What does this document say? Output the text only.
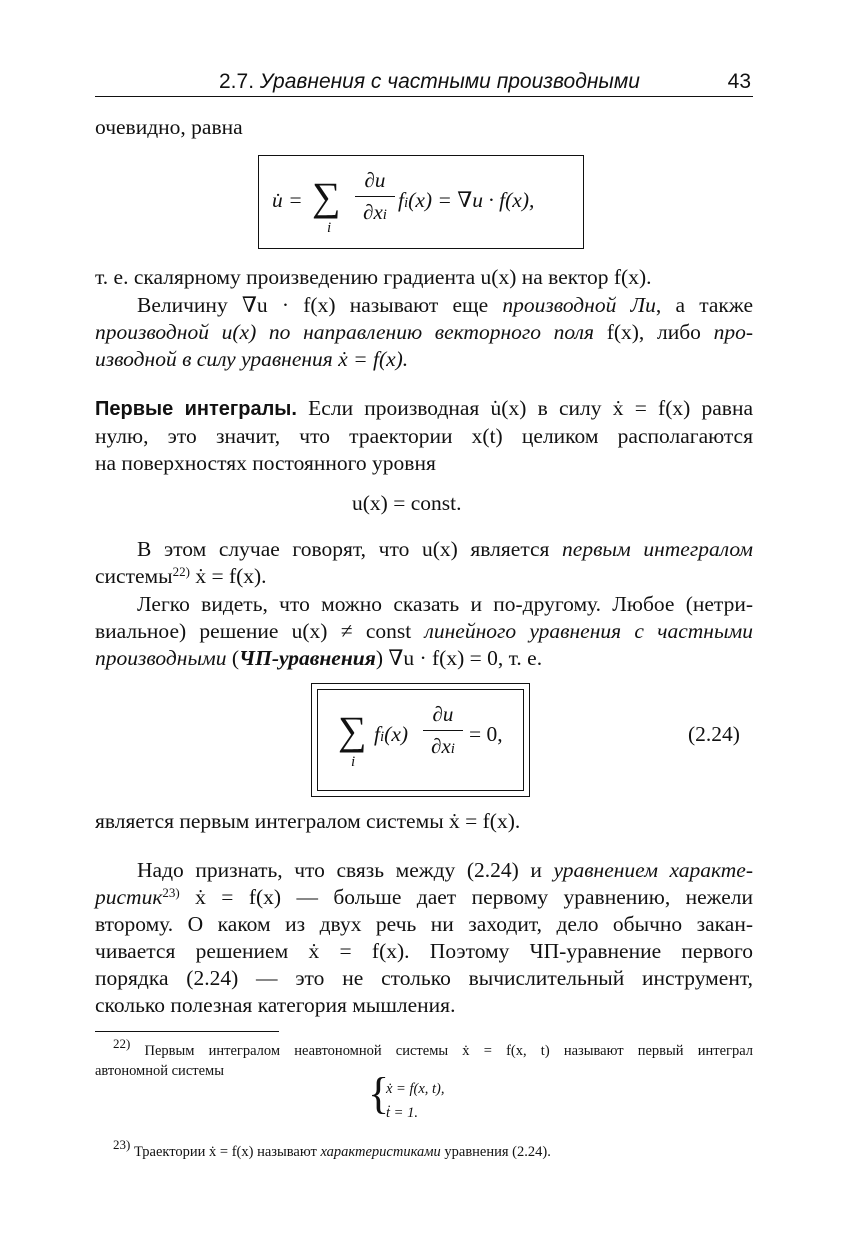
2.7. Уравнения с частными производными	43
очевидно, равна
u̇ = ∑
i
∂u
∂xi
fi(x) = ∇u · f(x),
т. е. скалярному произведению градиента u(x) на вектор f(x).
Величину ∇u · f(x) называют еще производной Ли, а также
производной u(x) по направлению векторного поля f(x), либо про-
изводной в силу уравнения ẋ = f(x).
Первые интегралы. Если производная u̇(x) в силу ẋ = f(x) равна
нулю, это значит, что траектории x(t) целиком располагаются
на поверхностях постоянного уровня
u(x) = const.
В этом случае говорят, что u(x) является первым интегралом
системы$^{22)}$ ẋ = f(x).
Легко видеть, что можно сказать и по-другому. Любое (нетри-
виальное) решение u(x) ≠ const линейного уравнения с частными
производными (ЧП-уравнения) ∇u · f(x) = 0, т. е.
∑
i
fi(x)
∂u
∂xi
= 0,	(2.24)
является первым интегралом системы ẋ = f(x).
Надо признать, что связь между (2.24) и уравнением характе-
ристик$^{23)}$ ẋ = f(x) — больше дает первому уравнению, нежели
второму. О каком из двух речь ни заходит, дело обычно закан-
чивается решением ẋ = f(x). Поэтому ЧП-уравнение первого
порядка (2.24) — это не столько вычислительный инструмент,
сколько полезная категория мышления.
22) Первым интегралом неавтономной системы ẋ = f(x, t) называют первый интеграл
автономной системы	{
ẋ = f(x, t),
ṫ = 1.
23) Траектории ẋ = f(x) называют характеристиками уравнения (2.24).
